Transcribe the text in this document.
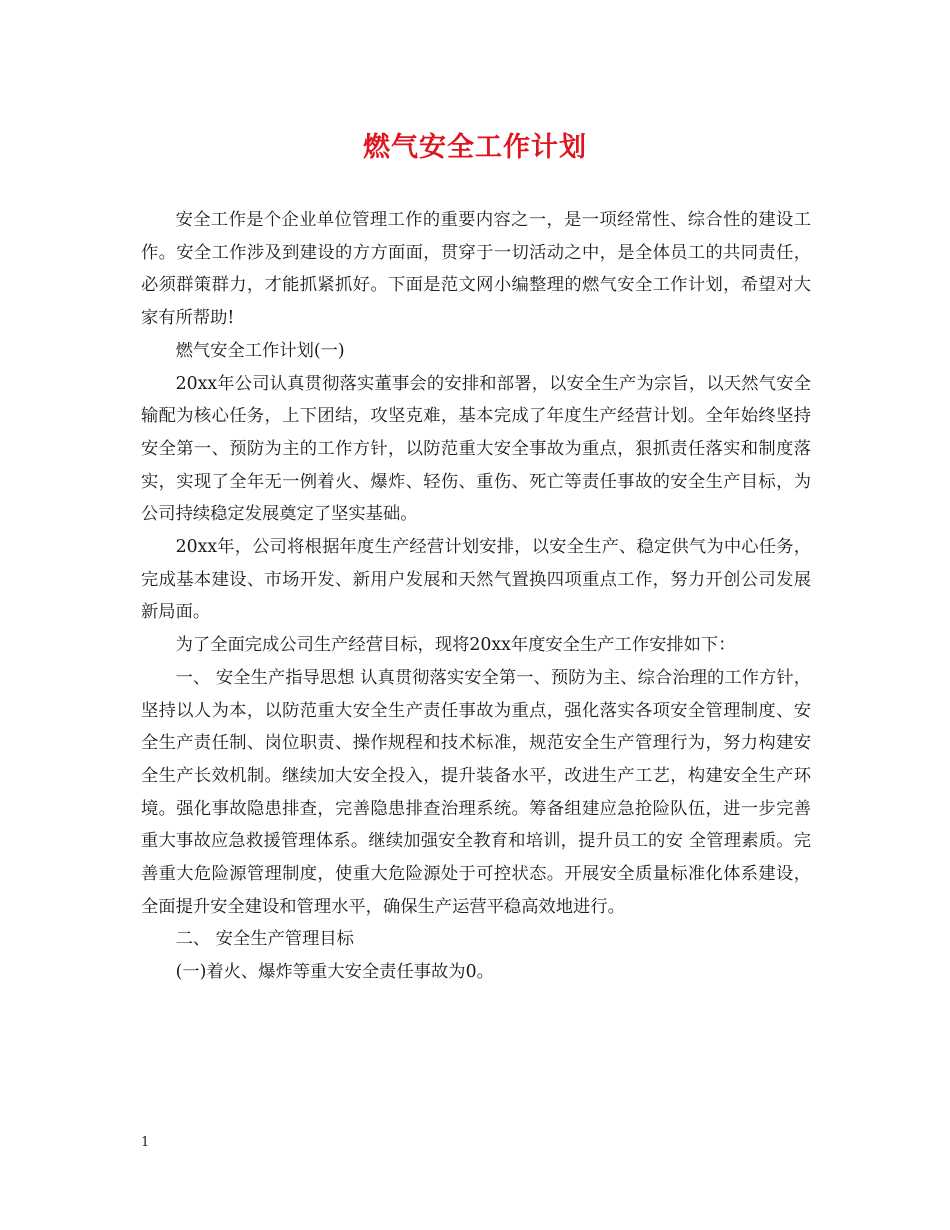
燃气安全工作计划

安全工作是个企业单位管理工作的重要内容之一，是一项经常性、综合性的建设工作。安全工作涉及到建设的方方面面，贯穿于一切活动之中，是全体员工的共同责任，必须群策群力，才能抓紧抓好。下面是范文网小编整理的燃气安全工作计划，希望对大家有所帮助!

燃气安全工作计划(一)

20xx年公司认真贯彻落实董事会的安排和部署，以安全生产为宗旨，以天然气安全输配为核心任务，上下团结，攻坚克难，基本完成了年度生产经营计划。全年始终坚持安全第一、预防为主的工作方针，以防范重大安全事故为重点，狠抓责任落实和制度落实，实现了全年无一例着火、爆炸、轻伤、重伤、死亡等责任事故的安全生产目标，为公司持续稳定发展奠定了坚实基础。

20xx年，公司将根据年度生产经营计划安排，以安全生产、稳定供气为中心任务，完成基本建设、市场开发、新用户发展和天然气置换四项重点工作，努力开创公司发展新局面。

为了全面完成公司生产经营目标，现将20xx年度安全生产工作安排如下：

一、 安全生产指导思想 认真贯彻落实安全第一、预防为主、综合治理的工作方针，坚持以人为本，以防范重大安全生产责任事故为重点，强化落实各项安全管理制度、安全生产责任制、岗位职责、操作规程和技术标准，规范安全生产管理行为，努力构建安全生产长效机制。继续加大安全投入，提升装备水平，改进生产工艺，构建安全生产环境。强化事故隐患排查，完善隐患排查治理系统。筹备组建应急抢险队伍，进一步完善重大事故应急救援管理体系。继续加强安全教育和培训，提升员工的安 全管理素质。完善重大危险源管理制度，使重大危险源处于可控状态。开展安全质量标准化体系建设，全面提升安全建设和管理水平，确保生产运营平稳高效地进行。

二、 安全生产管理目标

(一)着火、爆炸等重大安全责任事故为0。

1
